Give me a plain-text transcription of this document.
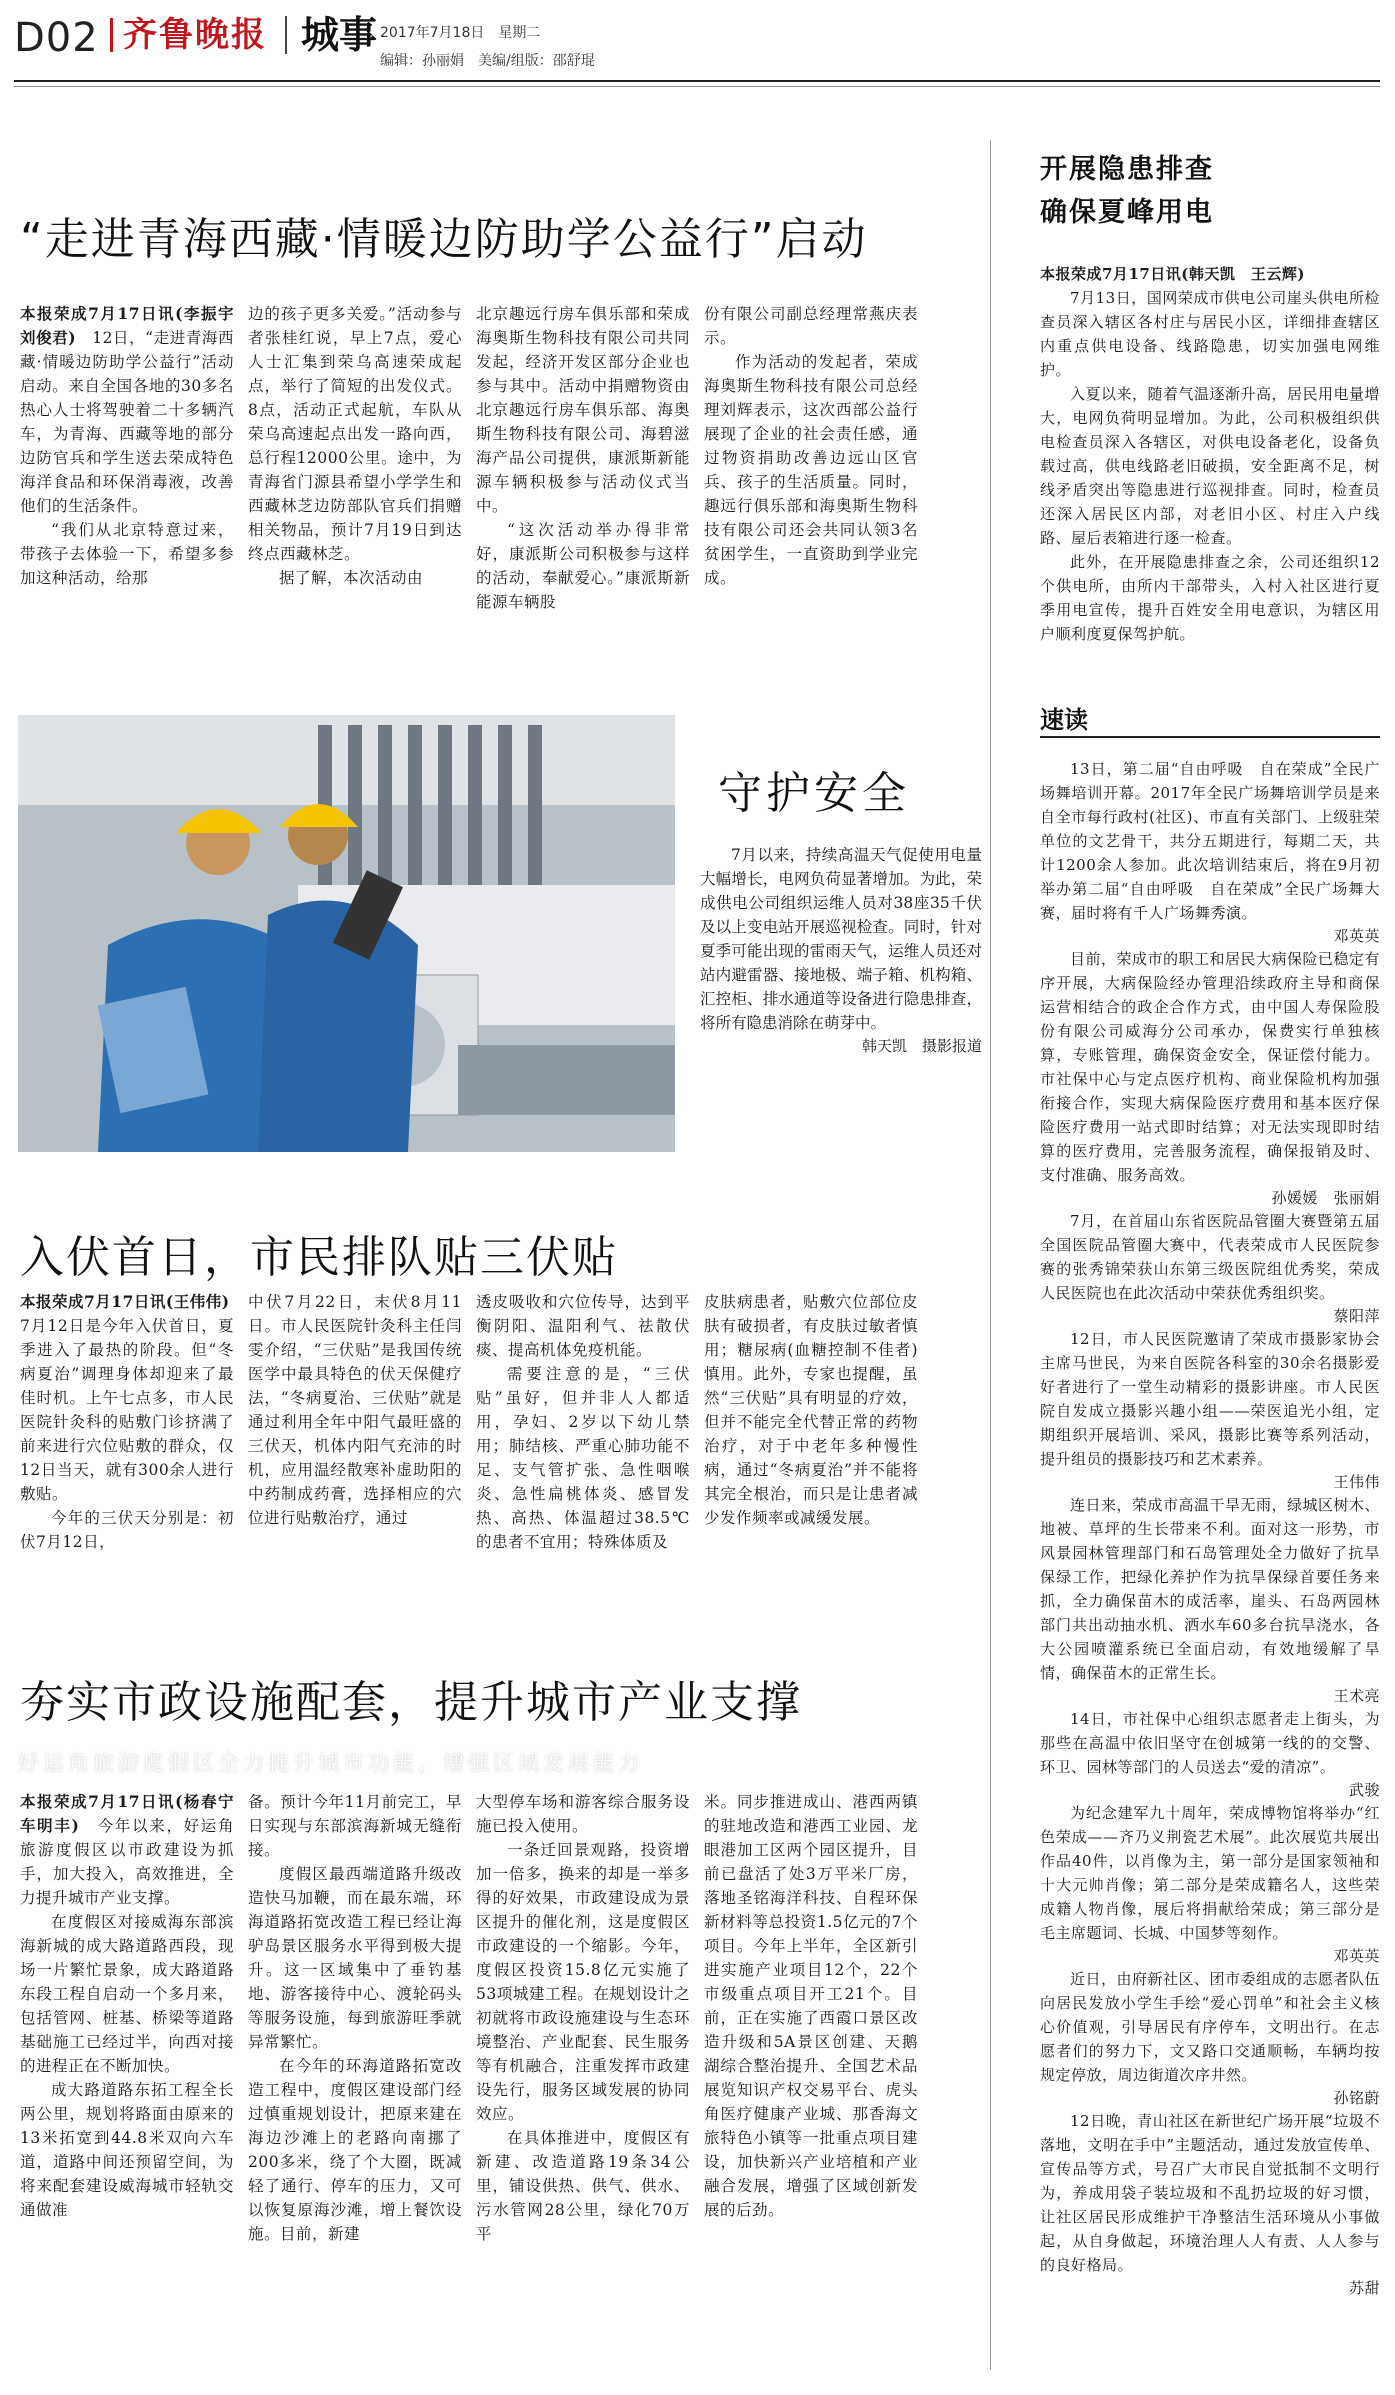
D02 齐鲁晚报 城事 2017年7月18日　星期二
编辑：孙丽娟　美编/组版：邵舒琨
“走进青海西藏·情暖边防助学公益行”启动

本报荣成7月17日讯(李振宇　刘俊君)　12日，“走进青海西藏·情暖边防助学公益行”活动启动。来自全国各地的30多名热心人士将驾驶着二十多辆汽车，为青海、西藏等地的部分边防官兵和学生送去荣成特色海洋食品和环保消毒液，改善他们的生活条件。

“我们从北京特意过来，带孩子去体验一下，希望多参加这种活动，给那

边的孩子更多关爱。”活动参与者张桂红说，早上7点，爱心人士汇集到荣乌高速荣成起点，举行了简短的出发仪式。8点，活动正式起航，车队从荣乌高速起点出发一路向西，总行程12000公里。途中，为青海省门源县希望小学学生和西藏林芝边防部队官兵们捐赠相关物品，预计7月19日到达终点西藏林芝。

据了解，本次活动由

北京趣远行房车俱乐部和荣成海奥斯生物科技有限公司共同发起，经济开发区部分企业也参与其中。活动中捐赠物资由北京趣远行房车俱乐部、海奥斯生物科技有限公司、海碧滋海产品公司提供，康派斯新能源车辆积极参与活动仪式当中。

“这次活动举办得非常好，康派斯公司积极参与这样的活动，奉献爱心。”康派斯新能源车辆股

份有限公司副总经理常燕庆表示。

作为活动的发起者，荣成海奥斯生物科技有限公司总经理刘辉表示，这次西部公益行展现了企业的社会责任感，通过物资捐助改善边远山区官兵、孩子的生活质量。同时，趣远行俱乐部和海奥斯生物科技有限公司还会共同认领3名贫困学生，一直资助到学业完成。

守护安全

7月以来，持续高温天气促使用电量大幅增长，电网负荷显著增加。为此，荣成供电公司组织运维人员对38座35千伏及以上变电站开展巡视检查。同时，针对夏季可能出现的雷雨天气，运维人员还对站内避雷器、接地极、端子箱、机构箱、汇控柜、排水通道等设备进行隐患排查，将所有隐患消除在萌芽中。

韩天凯　摄影报道
入伏首日，市民排队贴三伏贴

本报荣成7月17日讯(王伟伟)　7月12日是今年入伏首日，夏季进入了最热的阶段。但“冬病夏治”调理身体却迎来了最佳时机。上午七点多，市人民医院针灸科的贴敷门诊挤满了前来进行穴位贴敷的群众，仅12日当天，就有300余人进行敷贴。

今年的三伏天分别是：初伏7月12日，

中伏7月22日，末伏8月11日。市人民医院针灸科主任闫雯介绍，“三伏贴”是我国传统医学中最具特色的伏天保健疗法，“冬病夏治、三伏贴”就是通过利用全年中阳气最旺盛的三伏天，机体内阳气充沛的时机，应用温经散寒补虚助阳的中药制成药膏，选择相应的穴位进行贴敷治疗，通过

透皮吸收和穴位传导，达到平衡阴阳、温阳利气、祛散伏痰、提高机体免疫机能。

需要注意的是，“三伏贴”虽好，但并非人人都适用，孕妇、2岁以下幼儿禁用；肺结核、严重心肺功能不足、支气管扩张、急性咽喉炎、急性扁桃体炎、感冒发热、高热、体温超过38.5℃的患者不宜用；特殊体质及

皮肤病患者，贴敷穴位部位皮肤有破损者，有皮肤过敏者慎用；糖尿病(血糖控制不佳者)慎用。此外，专家也提醒，虽然“三伏贴”具有明显的疗效，但并不能完全代替正常的药物治疗，对于中老年多种慢性病，通过“冬病夏治”并不能将其完全根治，而只是让患者减少发作频率或减缓发展。

夯实市政设施配套，提升城市产业支撑
好运角旅游度假区全力提升城市功能，增强区域发展能力

本报荣成7月17日讯(杨春宁　车明丰)　今年以来，好运角旅游度假区以市政建设为抓手，加大投入，高效推进，全力提升城市产业支撑。

在度假区对接威海东部滨海新城的成大路道路西段，现场一片繁忙景象，成大路道路东段工程自启动一个多月来，包括管网、桩基、桥梁等道路基础施工已经过半，向西对接的进程正在不断加快。

成大路道路东拓工程全长两公里，规划将路面由原来的13米拓宽到44.8米双向六车道，道路中间还预留空间，为将来配套建设威海城市轻轨交通做准

备。预计今年11月前完工，早日实现与东部滨海新城无缝衔接。

度假区最西端道路升级改造快马加鞭，而在最东端，环海道路拓宽改造工程已经让海驴岛景区服务水平得到极大提升。这一区域集中了垂钓基地、游客接待中心、渡轮码头等服务设施，每到旅游旺季就异常繁忙。

在今年的环海道路拓宽改造工程中，度假区建设部门经过慎重规划设计，把原来建在海边沙滩上的老路向南挪了200多米，绕了个大圈，既减轻了通行、停车的压力，又可以恢复原海沙滩，增上餐饮设施。目前，新建

大型停车场和游客综合服务设施已投入使用。

一条迁回景观路，投资增加一倍多，换来的却是一举多得的好效果，市政建设成为景区提升的催化剂，这是度假区市政建设的一个缩影。今年，度假区投资15.8亿元实施了53项城建工程。在规划设计之初就将市政设施建设与生态环境整治、产业配套、民生服务等有机融合，注重发挥市政建设先行，服务区域发展的协同效应。

在具体推进中，度假区有新建、改造道路19条34公里，铺设供热、供气、供水、污水管网28公里，绿化70万平

米。同步推进成山、港西两镇的驻地改造和港西工业园、龙眼港加工区两个园区提升，目前已盘活了处3万平米厂房，落地圣铭海洋科技、自程环保新材料等总投资1.5亿元的7个项目。今年上半年，全区新引进实施产业项目12个，22个市级重点项目开工21个。目前，正在实施了西霞口景区改造升级和5A景区创建、天鹅湖综合整治提升、全国艺术品展览知识产权交易平台、虎头角医疗健康产业城、那香海文旅特色小镇等一批重点项目建设，加快新兴产业培植和产业融合发展，增强了区域创新发展的后劲。

开展隐患排查
确保夏峰用电

本报荣成7月17日讯(韩天凯　王云辉)

7月13日，国网荣成市供电公司崖头供电所检查员深入辖区各村庄与居民小区，详细排查辖区内重点供电设备、线路隐患，切实加强电网维护。

入夏以来，随着气温逐渐升高，居民用电量增大，电网负荷明显增加。为此，公司积极组织供电检查员深入各辖区，对供电设备老化，设备负载过高，供电线路老旧破损，安全距离不足，树线矛盾突出等隐患进行巡视排查。同时，检查员还深入居民区内部，对老旧小区、村庄入户线路、屋后表箱进行逐一检查。

此外，在开展隐患排查之余，公司还组织12个供电所，由所内干部带头，入村入社区进行夏季用电宣传，提升百姓安全用电意识，为辖区用户顺利度夏保驾护航。

速读

13日，第二届“自由呼吸　自在荣成”全民广场舞培训开幕。2017年全民广场舞培训学员是来自全市每行政村(社区)、市直有关部门、上级驻荣单位的文艺骨干，共分五期进行，每期二天，共计1200余人参加。此次培训结束后，将在9月初举办第二届“自由呼吸　自在荣成”全民广场舞大赛，届时将有千人广场舞秀演。

邓英英

目前，荣成市的职工和居民大病保险已稳定有序开展，大病保险经办管理沿续政府主导和商保运营相结合的政企合作方式，由中国人寿保险股份有限公司威海分公司承办，保费实行单独核算，专账管理，确保资金安全，保证偿付能力。市社保中心与定点医疗机构、商业保险机构加强衔接合作，实现大病保险医疗费用和基本医疗保险医疗费用一站式即时结算；对无法实现即时结算的医疗费用，完善服务流程，确保报销及时、支付准确、服务高效。

孙媛媛　张丽娟

7月，在首届山东省医院品管圈大赛暨第五届全国医院品管圈大赛中，代表荣成市人民医院参赛的张秀锦荣获山东第三级医院组优秀奖，荣成人民医院也在此次活动中荣获优秀组织奖。

蔡阳萍

12日，市人民医院邀请了荣成市摄影家协会主席马世民，为来自医院各科室的30余名摄影爱好者进行了一堂生动精彩的摄影讲座。市人民医院自发成立摄影兴趣小组——荣医追光小组，定期组织开展培训、采风，摄影比赛等系列活动，提升组员的摄影技巧和艺术素养。

王伟伟

连日来，荣成市高温干旱无雨，绿城区树木、地被、草坪的生长带来不利。面对这一形势，市风景园林管理部门和石岛管理处全力做好了抗旱保绿工作，把绿化养护作为抗旱保绿首要任务来抓，全力确保苗木的成活率，崖头、石岛两园林部门共出动抽水机、洒水车60多台抗旱浇水，各大公园喷灌系统已全面启动，有效地缓解了旱情，确保苗木的正常生长。

王术亮

14日，市社保中心组织志愿者走上街头，为那些在高温中依旧坚守在创城第一线的的交警、环卫、园林等部门的人员送去“爱的清凉”。

武骏

为纪念建军九十周年，荣成博物馆将举办“红色荣成——齐乃义荆瓷艺术展”。此次展览共展出作品40件，以肖像为主，第一部分是国家领袖和十大元帅肖像；第二部分是荣成籍名人，这些荣成籍人物肖像，展后将捐献给荣成；第三部分是毛主席题词、长城、中国梦等刻作。

邓英英

近日，由府新社区、团市委组成的志愿者队伍向居民发放小学生手绘“爱心罚单”和社会主义核心价值观，引导居民有序停车，文明出行。在志愿者们的努力下，文又路口交通顺畅，车辆均按规定停放，周边街道次序井然。

孙铭蔚

12日晚，青山社区在新世纪广场开展“垃圾不落地，文明在手中”主题活动，通过发放宣传单、宣传品等方式，号召广大市民自觉抵制不文明行为，养成用袋子装垃圾和不乱扔垃圾的好习惯，让社区居民形成维护干净整洁生活环境从小事做起，从自身做起，环境治理人人有责、人人参与的良好格局。

苏甜
